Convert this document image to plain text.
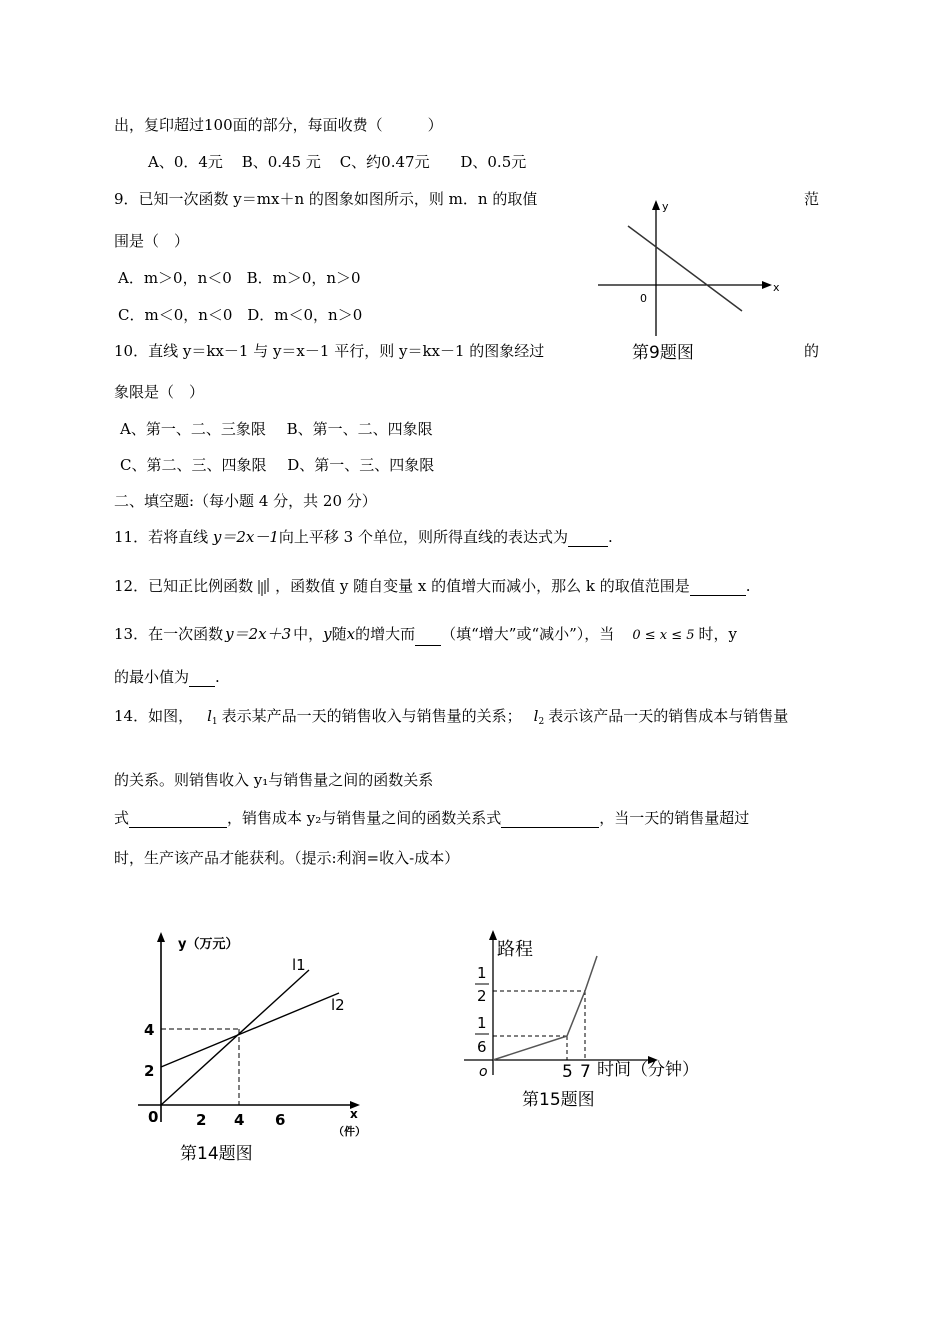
出，复印超过100面的部分，每面收费（　　　）
A、0．4元 B、0.45 元 C、约0.47元 D、0.5元
9．已知一次函数 y＝mx＋n 的图象如图所示，则 m．n 的取值	范
围是（　）
A．m＞0，n＜0 B．m＞0，n＞0
C．m＜0，n＜0 D．m＜0，n＞0
x
y
0
第9题图
10．直线 y＝kx－1 与 y＝x－1 平行，则 y＝kx－1 的图象经过	的
象限是（　）
A、第一、二、三象限 B、第一、二、四象限
C、第二、三、四象限 D、第一、三、四象限
二、填空题:（每小题 4 分，共 20 分）
11．若将直线 y＝2x－1向上平移 3 个单位，则所得直线的表达式为	.
12．已知正比例函数 ，函数值 y 随自变量 x 的值增大而减小，那么 k 的取值范围是	.
13．在一次函数 y＝2x＋3 中，y随x的增大而 （填“增大”或“减小”），当 0 ≤ x ≤ 5 时，y
的最小值为 .
14．如图， $l_1$ 表示某产品一天的销售收入与销售量的关系； $l_2$ 表示该产品一天的销售成本与销售量
的关系。则销售收入 y₁与销售量之间的函数关系
式	，销售成本 y₂与销售量之间的函数关系式	，当一天的销售量超过
时，生产该产品才能获利。（提示:利润=收入-成本）
y（万元）
l1
l2
4
2
0	2 4 6	x
（件）
第14题图
路程
1
2
1
6
o	5 7 时间（分钟）
第15题图
